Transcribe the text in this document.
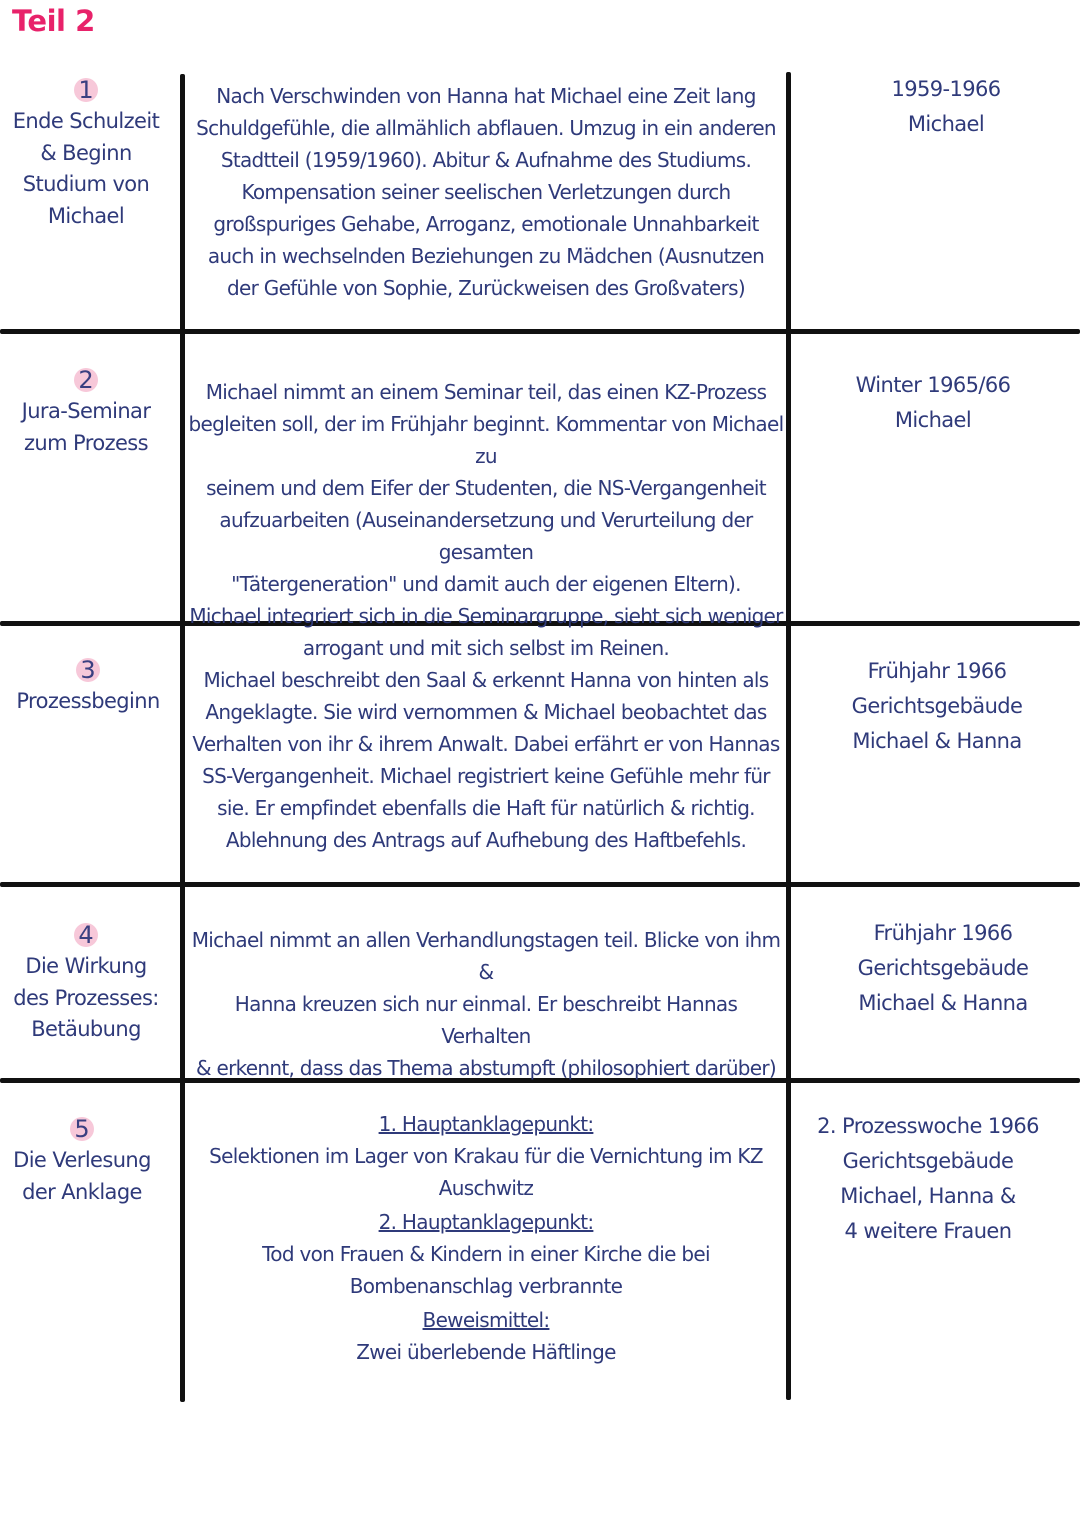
Teil 2
1
Ende Schulzeit
& Beginn
Studium von
Michael
Nach Verschwinden von Hanna hat Michael eine Zeit lang
Schuldgefühle, die allmählich abflauen. Umzug in ein anderen
Stadtteil (1959/1960). Abitur & Aufnahme des Studiums.
Kompensation seiner seelischen Verletzungen durch
großspuriges Gehabe, Arroganz, emotionale Unnahbarkeit
auch in wechselnden Beziehungen zu Mädchen (Ausnutzen
der Gefühle von Sophie, Zurückweisen des Großvaters)
1959-1966
Michael
2
Jura-Seminar
zum Prozess
Michael nimmt an einem Seminar teil, das einen KZ-Prozess
begleiten soll, der im Frühjahr beginnt. Kommentar von Michael zu
seinem und dem Eifer der Studenten, die NS-Vergangenheit
aufzuarbeiten (Auseinandersetzung und Verurteilung der gesamten
"Tätergeneration" und damit auch der eigenen Eltern).
Michael integriert sich in die Seminargruppe, sieht sich weniger
arrogant und mit sich selbst im Reinen.
Winter 1965/66
Michael
3
Prozessbeginn
Michael beschreibt den Saal & erkennt Hanna von hinten als
Angeklagte. Sie wird vernommen & Michael beobachtet das
Verhalten von ihr & ihrem Anwalt. Dabei erfährt er von Hannas
SS-Vergangenheit. Michael registriert keine Gefühle mehr für
sie. Er empfindet ebenfalls die Haft für natürlich & richtig.
Ablehnung des Antrags auf Aufhebung des Haftbefehls.
Frühjahr 1966
Gerichtsgebäude
Michael & Hanna
4
Die Wirkung
des Prozesses:
Betäubung
Michael nimmt an allen Verhandlungstagen teil. Blicke von ihm &
Hanna kreuzen sich nur einmal. Er beschreibt Hannas Verhalten
& erkennt, dass das Thema abstumpft (philosophiert darüber)
Frühjahr 1966
Gerichtsgebäude
Michael & Hanna
5
Die Verlesung
der Anklage
1. Hauptanklagepunkt:
Selektionen im Lager von Krakau für die Vernichtung im KZ
Auschwitz
2. Hauptanklagepunkt:
Tod von Frauen & Kindern in einer Kirche die bei
Bombenanschlag verbrannte
Beweismittel:
Zwei überlebende Häftlinge
2. Prozesswoche 1966
Gerichtsgebäude
Michael, Hanna &
4 weitere Frauen
